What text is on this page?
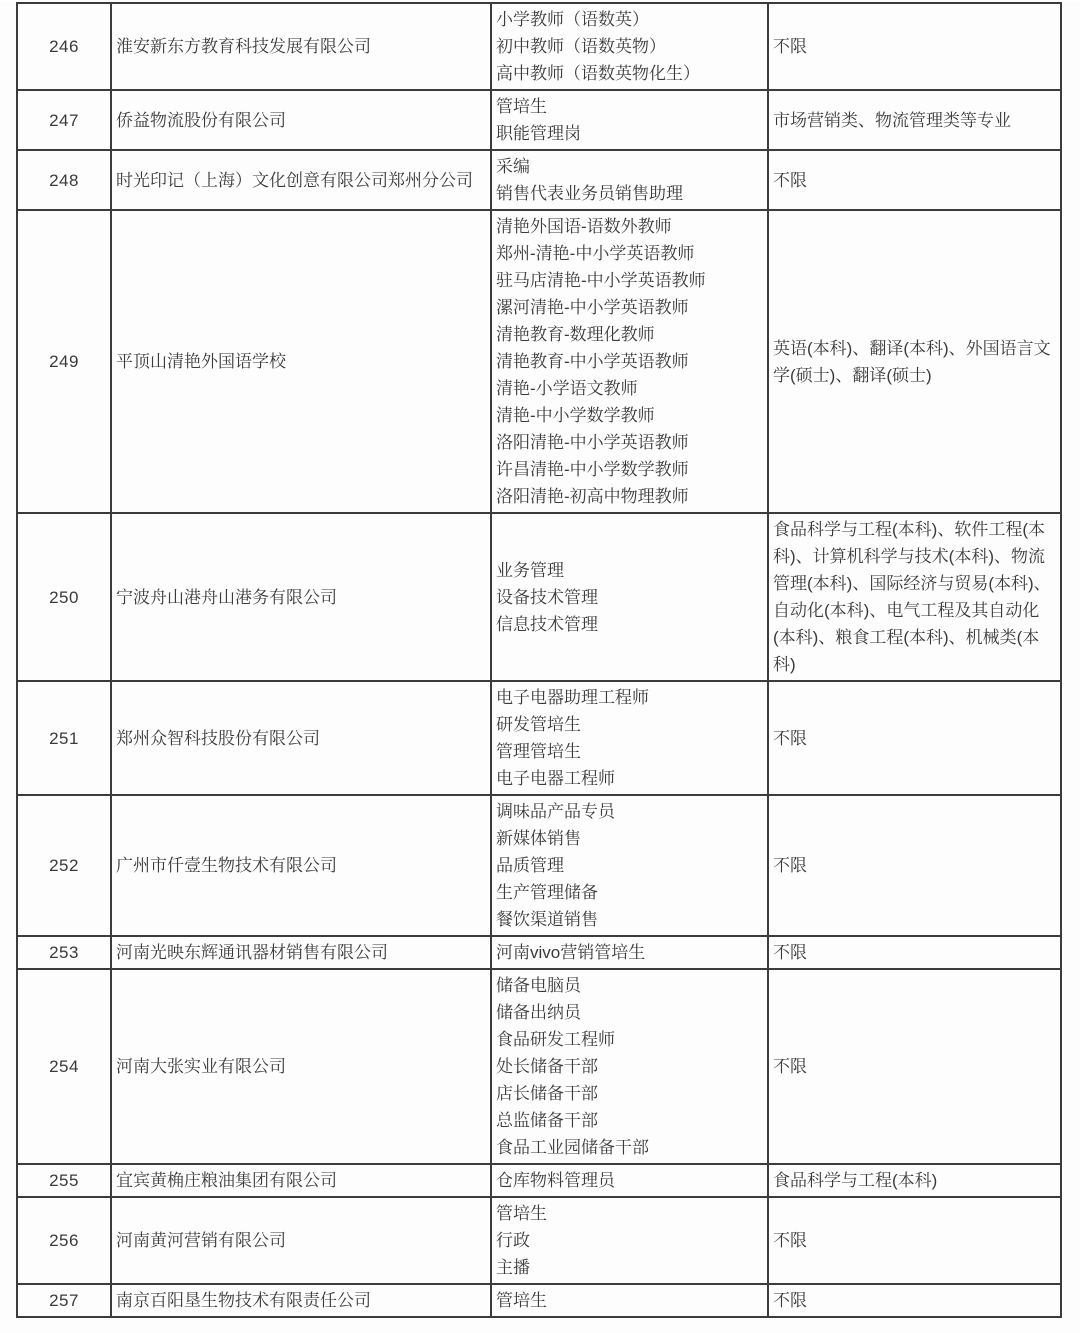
246	淮安新东方教育科技发展有限公司	小学教师（语数英）
初中教师（语数英物）
高中教师（语数英物化生）	不限
247	侨益物流股份有限公司	管培生
职能管理岗	市场营销类、物流管理类等专业
248	时光印记（上海）文化创意有限公司郑州分公司	采编
销售代表业务员销售助理	不限
249	平顶山清艳外国语学校	
清艳外国语-语数外教师
郑州-清艳-中小学英语教师
驻马店清艳-中小学英语教师
漯河清艳-中小学英语教师
清艳教育-数理化教师
清艳教育-中小学英语教师
清艳-小学语文教师
清艳-中小学数学教师
洛阳清艳-中小学英语教师
许昌清艳-中小学数学教师
洛阳清艳-初高中物理教师
	英语(本科)、翻译(本科)、外国语言文学(硕士)、翻译(硕士)
250	宁波舟山港舟山港务有限公司	业务管理
设备技术管理
信息技术管理	食品科学与工程(本科)、软件工程(本科)、计算机科学与技术(本科)、物流管理(本科)、国际经济与贸易(本科)、自动化(本科)、电气工程及其自动化(本科)、粮食工程(本科)、机械类(本科)
251	郑州众智科技股份有限公司	电子电器助理工程师
研发管培生
管理管培生
电子电器工程师	不限
252	广州市仟壹生物技术有限公司	调味品产品专员
新媒体销售
品质管理
生产管理储备
餐饮渠道销售	不限
253	河南光映东辉通讯器材销售有限公司	河南vivo营销管培生	不限
254	河南大张实业有限公司	
储备电脑员
储备出纳员
食品研发工程师
处长储备干部
店长储备干部
总监储备干部
食品工业园储备干部
	不限
255	宜宾黄桷庄粮油集团有限公司	仓库物料管理员	食品科学与工程(本科)
256	河南黄河营销有限公司	管培生
行政
主播	不限
257	南京百阳垦生物技术有限责任公司	管培生	不限
